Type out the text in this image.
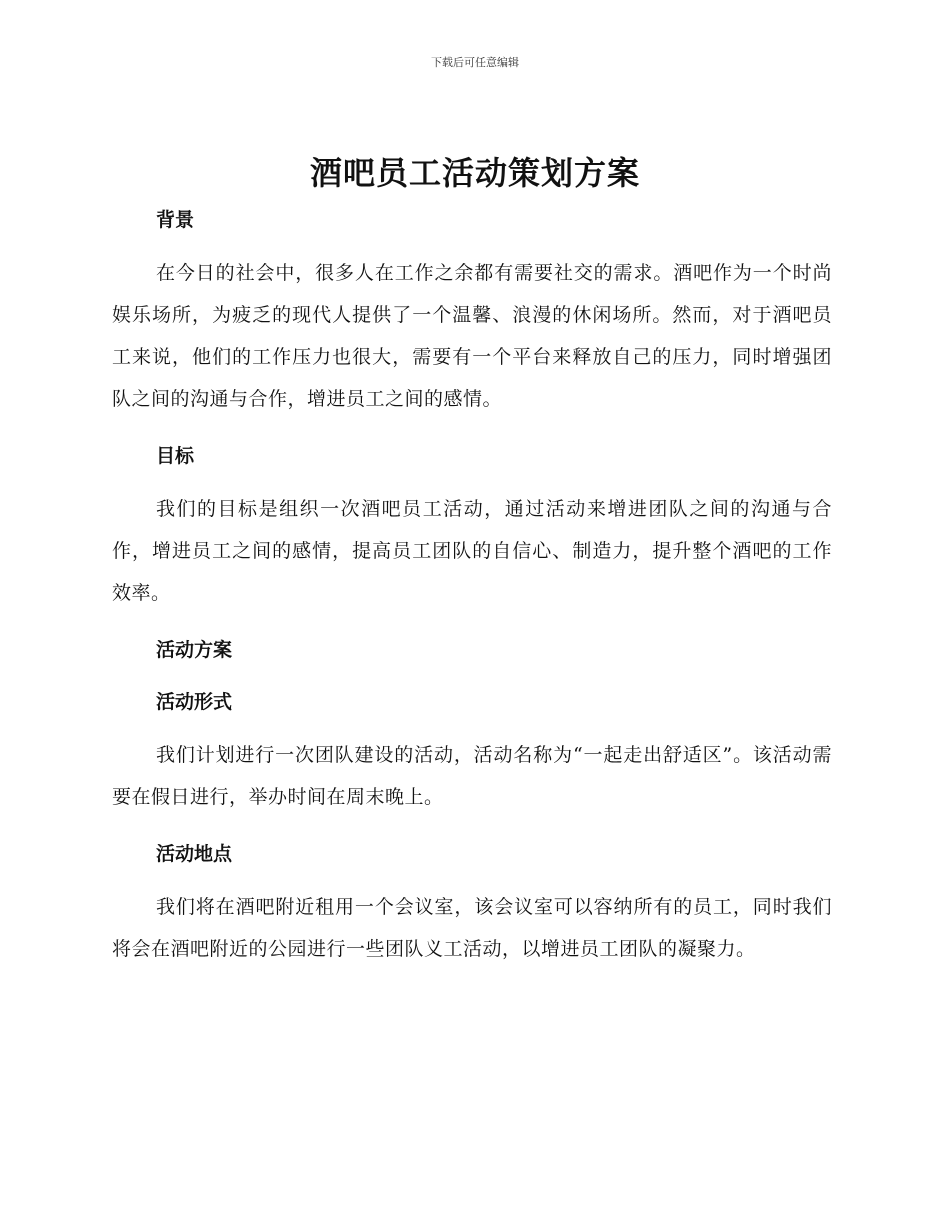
下载后可任意编辑
酒吧员工活动策划方案
背景

在今日的社会中，很多人在工作之余都有需要社交的需求。酒吧作为一个时尚娱乐场所，为疲乏的现代人提供了一个温馨、浪漫的休闲场所。然而，对于酒吧员工来说，他们的工作压力也很大，需要有一个平台来释放自己的压力，同时增强团队之间的沟通与合作，增进员工之间的感情。

目标

我们的目标是组织一次酒吧员工活动，通过活动来增进团队之间的沟通与合作，增进员工之间的感情，提高员工团队的自信心、制造力，提升整个酒吧的工作效率。

活动方案
活动形式

我们计划进行一次团队建设的活动，活动名称为“一起走出舒适区”。该活动需要在假日进行，举办时间在周末晚上。

活动地点

我们将在酒吧附近租用一个会议室，该会议室可以容纳所有的员工，同时我们将会在酒吧附近的公园进行一些团队义工活动，以增进员工团队的凝聚力。
